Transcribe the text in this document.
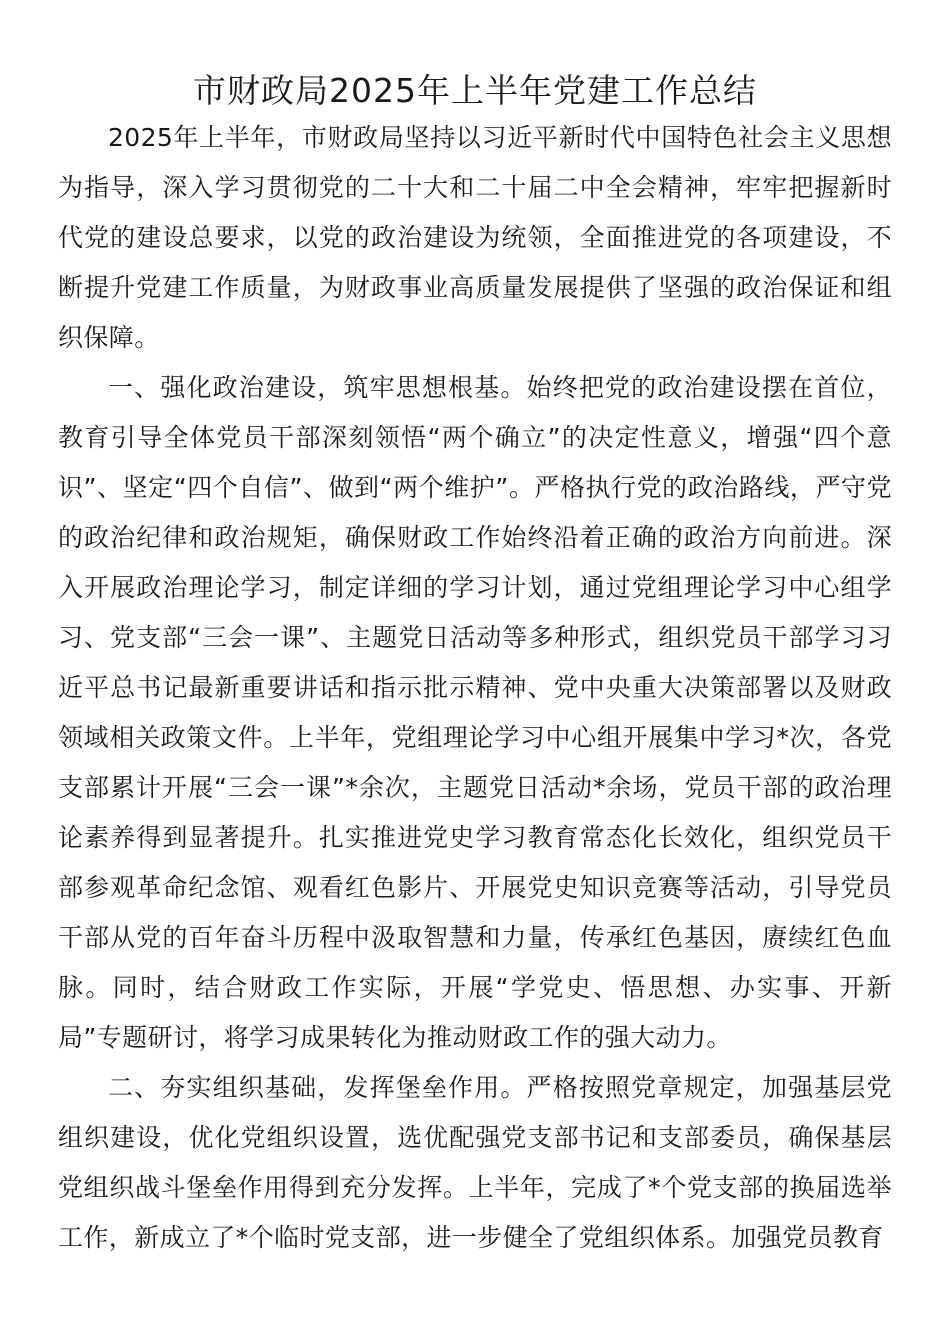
市财政局2025年上半年党建工作总结

2025年上半年，市财政局坚持以习近平新时代中国特色社会主义思想为指导，深入学习贯彻党的二十大和二十届二中全会精神，牢牢把握新时代党的建设总要求，以党的政治建设为统领，全面推进党的各项建设，不断提升党建工作质量，为财政事业高质量发展提供了坚强的政治保证和组织保障。

一、强化政治建设，筑牢思想根基。始终把党的政治建设摆在首位，教育引导全体党员干部深刻领悟“两个确立”的决定性意义，增强“四个意识”、坚定“四个自信”、做到“两个维护”。严格执行党的政治路线，严守党的政治纪律和政治规矩，确保财政工作始终沿着正确的政治方向前进。深入开展政治理论学习，制定详细的学习计划，通过党组理论学习中心组学习、党支部“三会一课”、主题党日活动等多种形式，组织党员干部学习习近平总书记最新重要讲话和指示批示精神、党中央重大决策部署以及财政领域相关政策文件。上半年，党组理论学习中心组开展集中学习*次，各党支部累计开展“三会一课”*余次，主题党日活动*余场，党员干部的政治理论素养得到显著提升。扎实推进党史学习教育常态化长效化，组织党员干部参观革命纪念馆、观看红色影片、开展党史知识竞赛等活动，引导党员干部从党的百年奋斗历程中汲取智慧和力量，传承红色基因，赓续红色血脉。同时，结合财政工作实际，开展“学党史、悟思想、办实事、开新局”专题研讨，将学习成果转化为推动财政工作的强大动力。

二、夯实组织基础，发挥堡垒作用。严格按照党章规定，加强基层党组织建设，优化党组织设置，选优配强党支部书记和支部委员，确保基层党组织战斗堡垒作用得到充分发挥。上半年，完成了*个党支部的换届选举工作，新成立了*个临时党支部，进一步健全了党组织体系。加强党员教育
